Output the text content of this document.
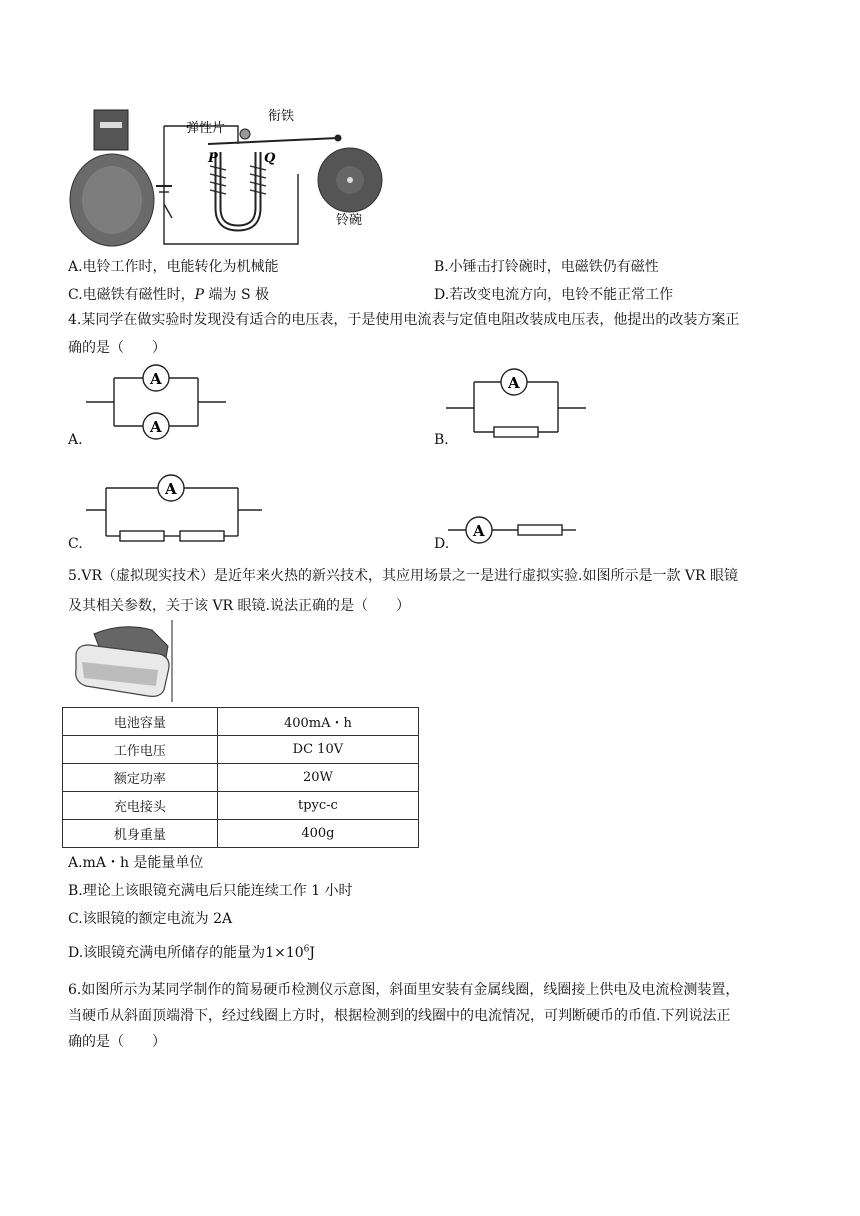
弹性片
衔铁
P	Q
铃碗
A.电铃工作时，电能转化为机械能	B.小锤击打铃碗时，电磁铁仍有磁性
C.电磁铁有磁性时，P 端为 S 极	D.若改变电流方向，电铃不能正常工作
4.某同学在做实验时发现没有适合的电压表，于是使用电流表与定值电阻改装成电压表，他提出的改装方案正
确的是（　　）
A
A
A.
A
B.
A
C.
A
D.
5.VR（虚拟现实技术）是近年来火热的新兴技术，其应用场景之一是进行虚拟实验.如图所示是一款 VR 眼镜
及其相关参数，关于该 VR 眼镜.说法正确的是（　　）
电池容量	400mA・h
工作电压	DC 10V
额定功率	20W
充电接头	tpyc-c
机身重量	400g
A.mA・h 是能量单位
B.理论上该眼镜充满电后只能连续工作 1 小时
C.该眼镜的额定电流为 2A
D.该眼镜充满电所储存的能量为$1\times 10^6J$
6.如图所示为某同学制作的简易硬币检测仪示意图，斜面里安装有金属线圈，线圈接上供电及电流检测装置，
当硬币从斜面顶端滑下，经过线圈上方时，根据检测到的线圈中的电流情况，可判断硬币的币值.下列说法正
确的是（　　）
